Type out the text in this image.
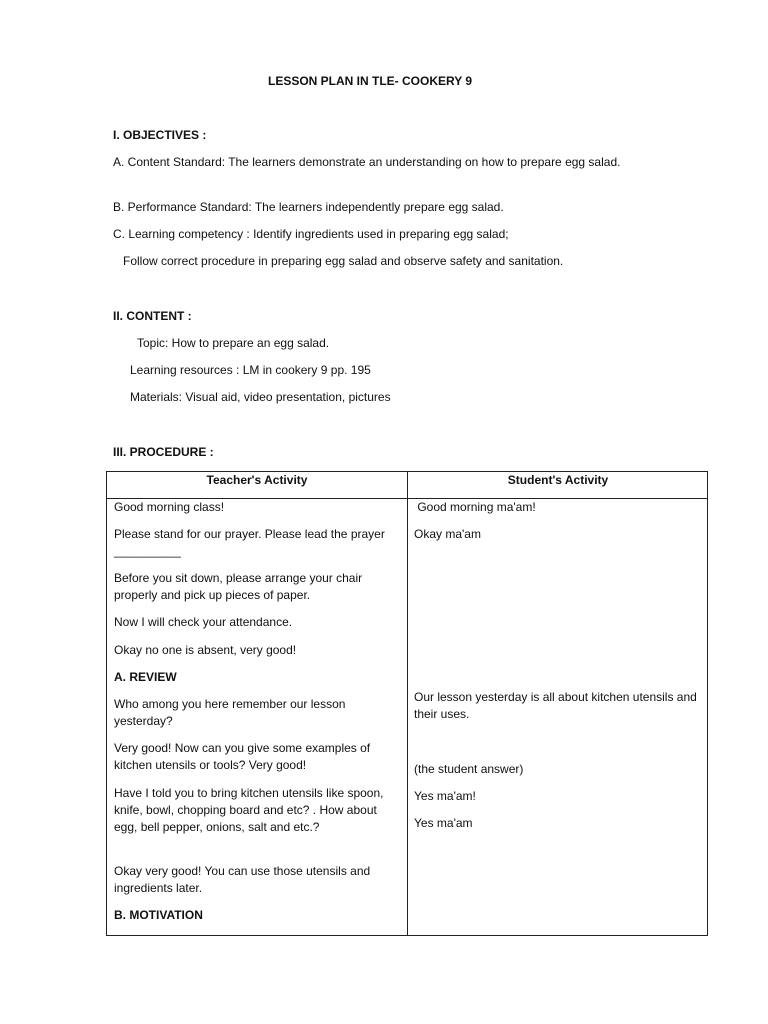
LESSON PLAN IN TLE- COOKERY 9
I. OBJECTIVES :
A. Content Standard: The learners demonstrate an understanding on how to prepare egg salad.
B. Performance Standard: The learners independently prepare egg salad.
C. Learning competency : Identify ingredients used in preparing egg salad;
Follow correct procedure in preparing egg salad and observe safety and sanitation.
II. CONTENT :
Topic: How to prepare an egg salad.
Learning resources : LM in cookery 9 pp. 195
Materials: Visual aid, video presentation, pictures
III. PROCEDURE :
Teacher's Activity	Student's Activity
Good morning class!
Please stand for our prayer. Please lead the prayer __________
Before you sit down, please arrange your chair properly and pick up pieces of paper.
Now I will check your attendance.
Okay no one is absent, very good!
A. REVIEW
Who among you here remember our lesson yesterday?
Very good! Now can you give some examples of kitchen utensils or tools? Very good!
Have I told you to bring kitchen utensils like spoon, knife, bowl, chopping board and etc? . How about egg, bell pepper, onions, salt and etc.?
Okay very good! You can use those utensils and ingredients later.
B. MOTIVATION
Good morning ma'am!
Okay ma'am
Our lesson yesterday is all about kitchen utensils and their uses.
(the student answer)
Yes ma'am!
Yes ma'am
